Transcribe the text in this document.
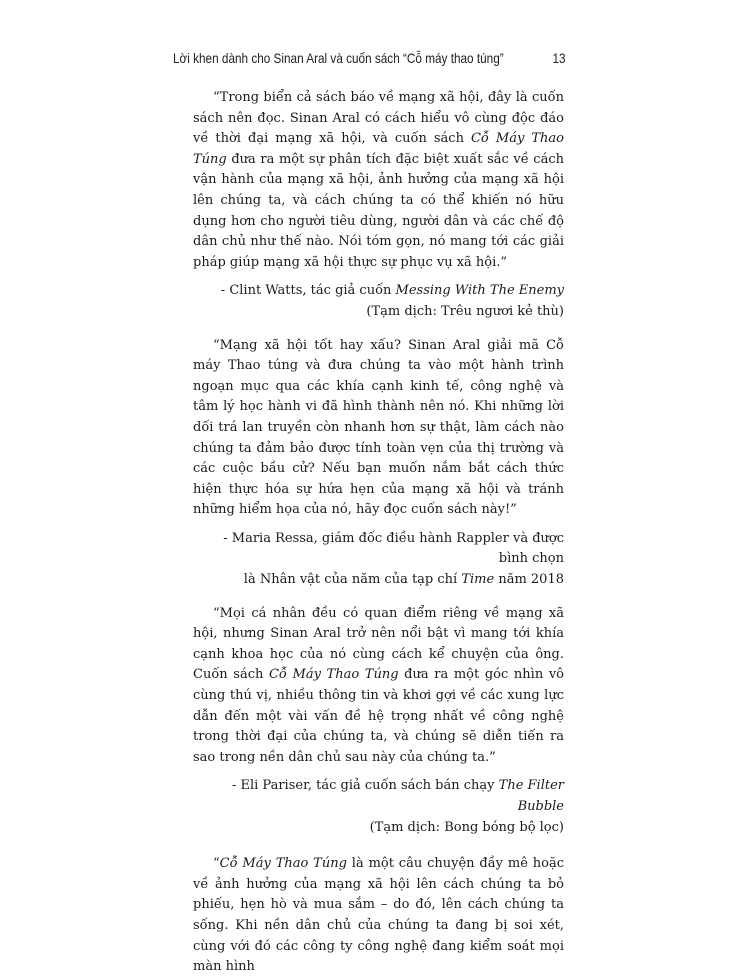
Lời khen dành cho Sinan Aral và cuốn sách “Cỗ máy thao túng”	13

“Trong biển cả sách báo về mạng xã hội, đây là cuốn sách nên đọc. Sinan Aral có cách hiểu vô cùng độc đáo về thời đại mạng xã hội, và cuốn sách Cỗ Máy Thao Túng đưa ra một sự phân tích đặc biệt xuất sắc về cách vận hành của mạng xã hội, ảnh hưởng của mạng xã hội lên chúng ta, và cách chúng ta có thể khiến nó hữu dụng hơn cho người tiêu dùng, người dân và các chế độ dân chủ như thế nào. Nói tóm gọn, nó mang tới các giải pháp giúp mạng xã hội thực sự phục vụ xã hội.”

- Clint Watts, tác giả cuốn Messing With The Enemy

(Tạm dịch: Trêu ngươi kẻ thù)

“Mạng xã hội tốt hay xấu? Sinan Aral giải mã Cỗ máy Thao túng và đưa chúng ta vào một hành trình ngoạn mục qua các khía cạnh kinh tế, công nghệ và tâm lý học hành vi đã hình thành nên nó. Khi những lời dối trá lan truyền còn nhanh hơn sự thật, làm cách nào chúng ta đảm bảo được tính toàn vẹn của thị trường và các cuộc bầu cử? Nếu bạn muốn nắm bắt cách thức hiện thực hóa sự hứa hẹn của mạng xã hội và tránh những hiểm họa của nó, hãy đọc cuốn sách này!”

- Maria Ressa, giám đốc điều hành Rappler và được bình chọn

là Nhân vật của năm của tạp chí Time năm 2018

“Mọi cá nhân đều có quan điểm riêng về mạng xã hội, nhưng Sinan Aral trở nên nổi bật vì mang tới khía cạnh khoa học của nó cùng cách kể chuyện của ông. Cuốn sách Cỗ Máy Thao Túng đưa ra một góc nhìn vô cùng thú vị, nhiều thông tin và khơi gợi về các xung lực dẫn đến một vài vấn đề hệ trọng nhất về công nghệ trong thời đại của chúng ta, và chúng sẽ diễn tiến ra sao trong nền dân chủ sau này của chúng ta.”

- Eli Pariser, tác giả cuốn sách bán chạy The Filter Bubble

(Tạm dịch: Bong bóng bộ lọc)

“Cỗ Máy Thao Túng là một câu chuyện đầy mê hoặc về ảnh hưởng của mạng xã hội lên cách chúng ta bỏ phiếu, hẹn hò và mua sắm – do đó, lên cách chúng ta sống. Khi nền dân chủ của chúng ta đang bị soi xét, cùng với đó các công ty công nghệ đang kiểm soát mọi màn hình
